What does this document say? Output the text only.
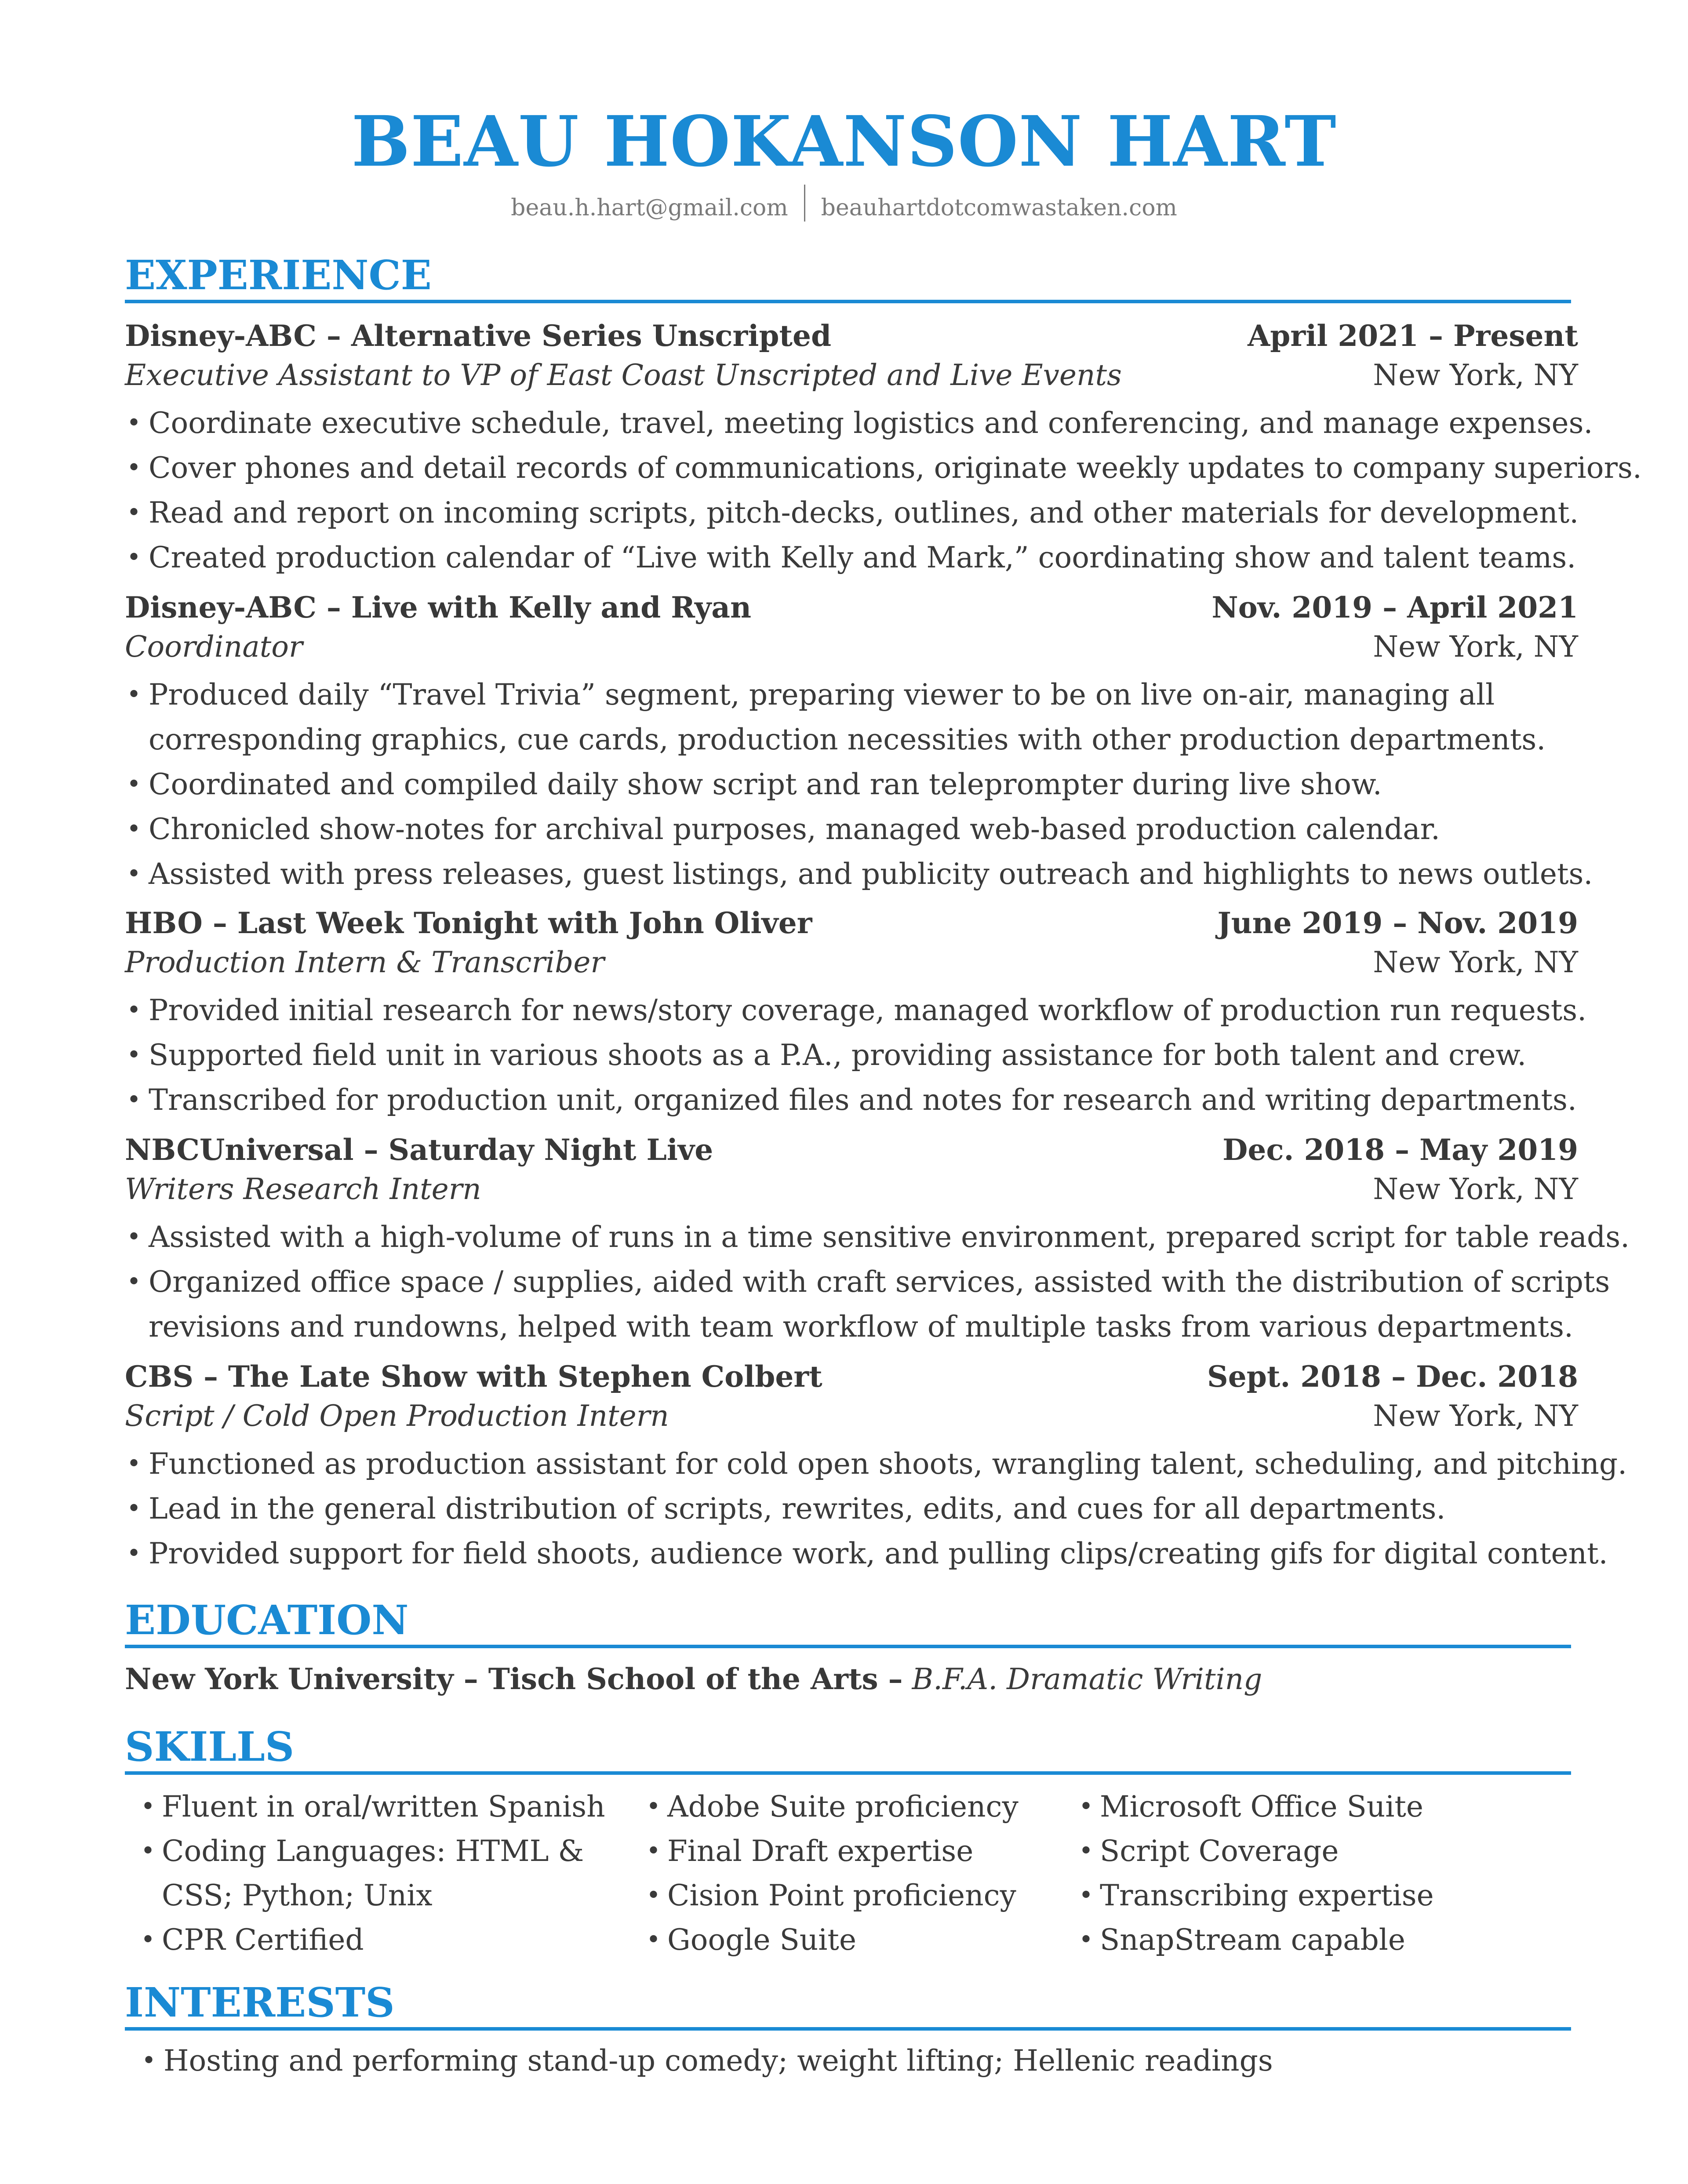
BEAU HOKANSON HART
beau.h.hart@gmail.com beauhartdotcomwastaken.com
EXPERIENCE
Disney-ABC – Alternative Series Unscripted	April 2021 – Present
Executive Assistant to VP of East Coast Unscripted and Live Events	New York, NY
• Coordinate executive schedule, travel, meeting logistics and conferencing, and manage expenses.
• Cover phones and detail records of communications, originate weekly updates to company superiors.
• Read and report on incoming scripts, pitch-decks, outlines, and other materials for development.
• Created production calendar of “Live with Kelly and Mark,” coordinating show and talent teams.
Disney-ABC – Live with Kelly and Ryan	Nov. 2019 – April 2021
Coordinator	New York, NY
• Produced daily “Travel Trivia” segment, preparing viewer to be on live on-air, managing all
corresponding graphics, cue cards, production necessities with other production departments.
• Coordinated and compiled daily show script and ran teleprompter during live show.
• Chronicled show-notes for archival purposes, managed web-based production calendar.
• Assisted with press releases, guest listings, and publicity outreach and highlights to news outlets.
HBO – Last Week Tonight with John Oliver	June 2019 – Nov. 2019
Production Intern & Transcriber	New York, NY
• Provided initial research for news/story coverage, managed workflow of production run requests.
• Supported field unit in various shoots as a P.A., providing assistance for both talent and crew.
• Transcribed for production unit, organized files and notes for research and writing departments.
NBCUniversal – Saturday Night Live	Dec. 2018 – May 2019
Writers Research Intern	New York, NY
• Assisted with a high-volume of runs in a time sensitive environment, prepared script for table reads.
• Organized office space / supplies, aided with craft services, assisted with the distribution of scripts
revisions and rundowns, helped with team workflow of multiple tasks from various departments.
CBS – The Late Show with Stephen Colbert	Sept. 2018 – Dec. 2018
Script / Cold Open Production Intern	New York, NY
• Functioned as production assistant for cold open shoots, wrangling talent, scheduling, and pitching.
• Lead in the general distribution of scripts, rewrites, edits, and cues for all departments.
• Provided support for field shoots, audience work, and pulling clips/creating gifs for digital content.
EDUCATION
New York University – Tisch School of the Arts – B.F.A. Dramatic Writing
SKILLS
• Fluent in oral/written Spanish
• Coding Languages: HTML &
CSS; Python; Unix
• CPR Certified
• Adobe Suite proficiency
• Final Draft expertise
• Cision Point proficiency
• Google Suite
• Microsoft Office Suite
• Script Coverage
• Transcribing expertise
• SnapStream capable
INTERESTS
• Hosting and performing stand-up comedy; weight lifting; Hellenic readings
